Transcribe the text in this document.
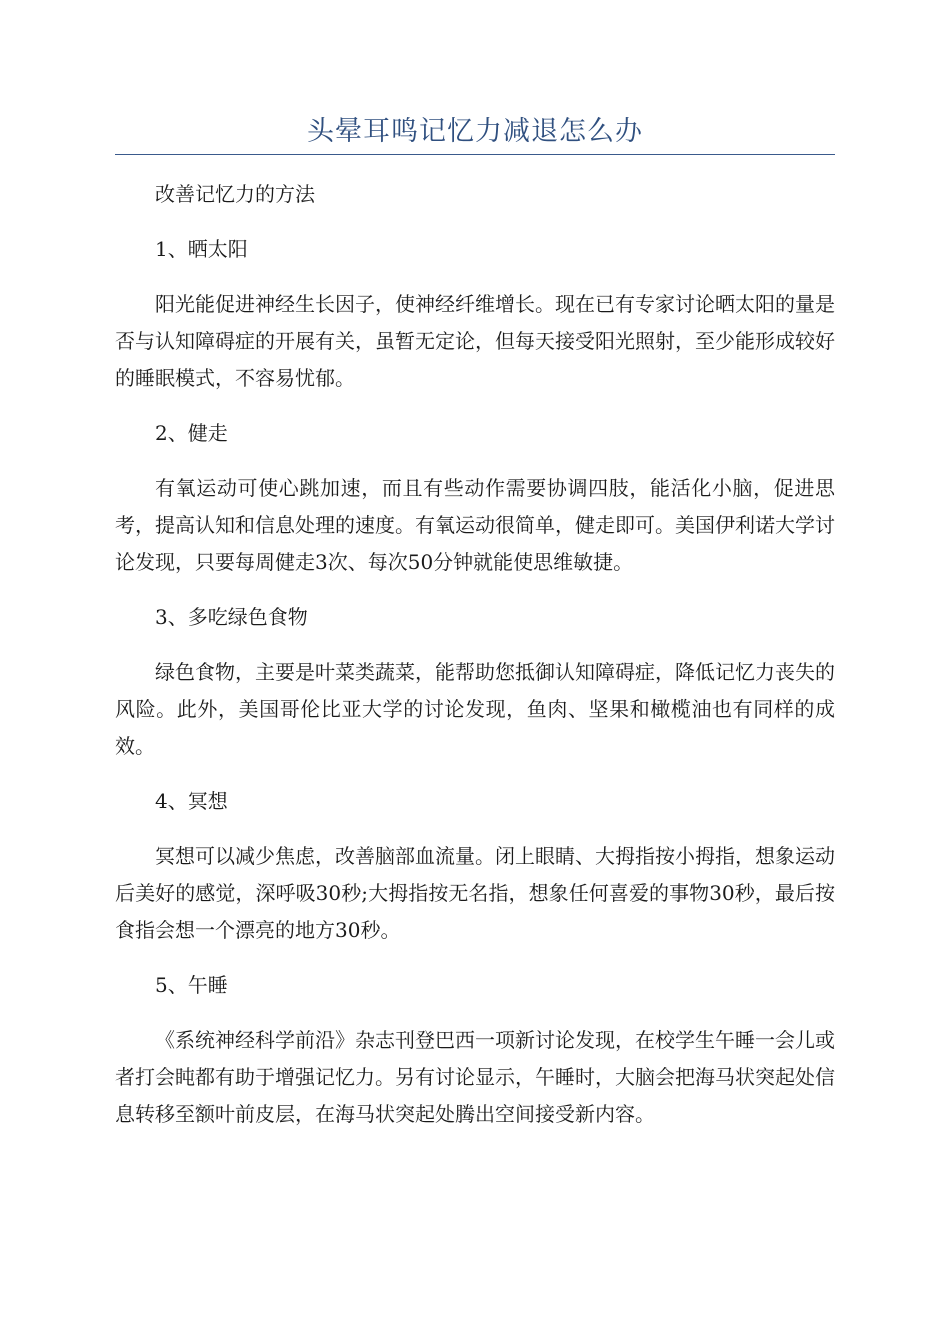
头晕耳鸣记忆力减退怎么办

改善记忆力的方法

1、晒太阳

阳光能促进神经生长因子，使神经纤维增长。现在已有专家讨论晒太阳的量是否与认知障碍症的开展有关，虽暂无定论，但每天接受阳光照射，至少能形成较好的睡眠模式，不容易忧郁。

2、健走

有氧运动可使心跳加速，而且有些动作需要协调四肢，能活化小脑，促进思考，提高认知和信息处理的速度。有氧运动很简单，健走即可。美国伊利诺大学讨论发现，只要每周健走3次、每次50分钟就能使思维敏捷。

3、多吃绿色食物

绿色食物，主要是叶菜类蔬菜，能帮助您抵御认知障碍症，降低记忆力丧失的风险。此外，美国哥伦比亚大学的讨论发现，鱼肉、坚果和橄榄油也有同样的成效。

4、冥想

冥想可以减少焦虑，改善脑部血流量。闭上眼睛、大拇指按小拇指，想象运动后美好的感觉，深呼吸30秒;大拇指按无名指，想象任何喜爱的事物30秒，最后按食指会想一个漂亮的地方30秒。

5、午睡

《系统神经科学前沿》杂志刊登巴西一项新讨论发现，在校学生午睡一会儿或者打会盹都有助于增强记忆力。另有讨论显示，午睡时，大脑会把海马状突起处信息转移至额叶前皮层，在海马状突起处腾出空间接受新内容。
